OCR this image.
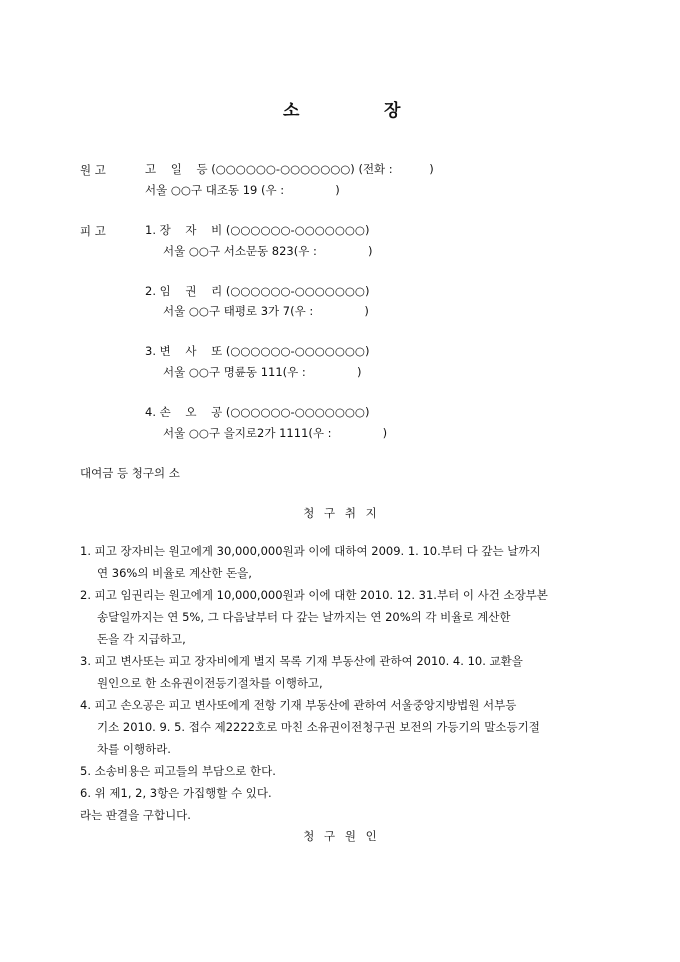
소	장
원 고	고    일    등 (○○○○○○-○○○○○○○) (전화 :          )
서울 ○○구 대조동 19 (우 :              )
피 고	1. 장    자    비 (○○○○○○-○○○○○○○)
서울 ○○구 서소문동 823(우 :              )
2. 임    권    리 (○○○○○○-○○○○○○○)
서울 ○○구 태평로 3가 7(우 :              )
3. 변    사    또 (○○○○○○-○○○○○○○)
서울 ○○구 명륜동 111(우 :              )
4. 손    오    공 (○○○○○○-○○○○○○○)
서울 ○○구 을지로2가 1111(우 :              )
대여금 등 청구의 소
청 구 취 지
1. 피고 장자비는 원고에게 30,000,000원과 이에 대하여 2009. 1. 10.부터 다 갚는 날까지
연 36%의 비율로 계산한 돈을,
2. 피고 임권리는 원고에게 10,000,000원과 이에 대한 2010. 12. 31.부터 이 사건 소장부본
송달일까지는 연 5%, 그 다음날부터 다 갚는 날까지는 연 20%의 각 비율로 계산한
돈을 각 지급하고,
3. 피고 변사또는 피고 장자비에게 별지 목록 기재 부동산에 관하여 2010. 4. 10. 교환을
원인으로 한 소유권이전등기절차를 이행하고,
4. 피고 손오공은 피고 변사또에게 전항 기재 부동산에 관하여 서울중앙지방법원 서부등
기소 2010. 9. 5. 접수 제2222호로 마친 소유권이전청구권 보전의 가등기의 말소등기절
차를 이행하라.
5. 소송비용은 피고들의 부담으로 한다.
6. 위 제1, 2, 3항은 가집행할 수 있다.
라는 판결을 구합니다.
청 구 원 인
